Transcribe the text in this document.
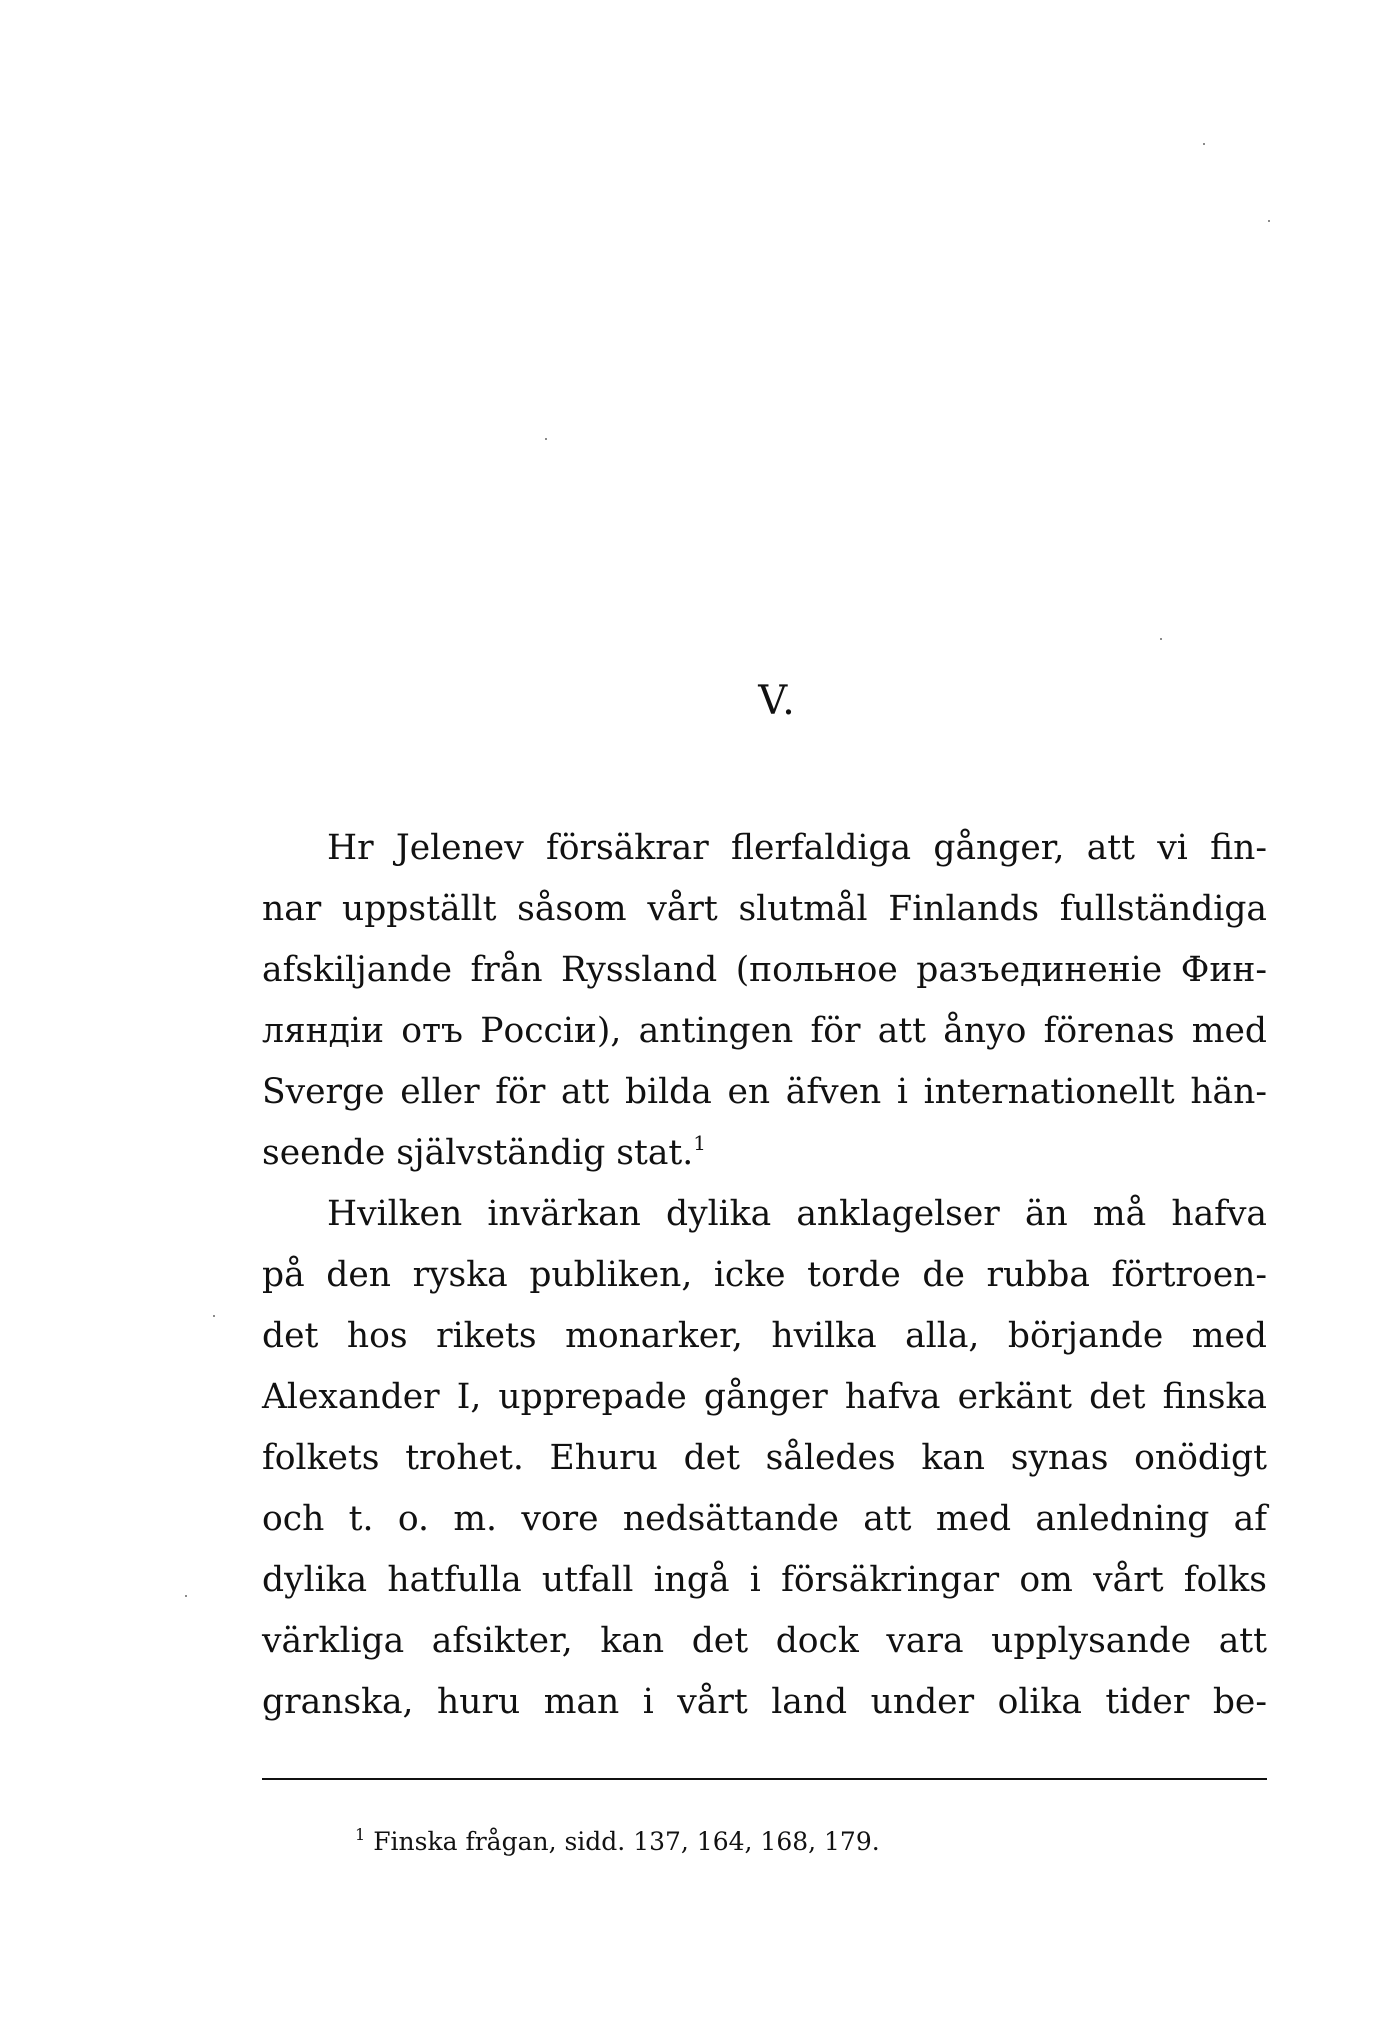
V.
Hr Jelenev försäkrar flerfaldiga gånger, att vi fin-
nar uppställt såsom vårt slutmål Finlands fullständiga
afskiljande från Ryssland (польное разъединенie Фин-
ляндiи отъ Россiи), antingen för att ånyo förenas med
Sverge eller för att bilda en äfven i internationellt hän-
seende självständig stat.$^1$
Hvilken invärkan dylika anklagelser än må hafva
på den ryska publiken, icke torde de rubba förtroen-
det hos rikets monarker, hvilka alla, börjande med
Alexander I, upprepade gånger hafva erkänt det finska
folkets trohet. Ehuru det således kan synas onödigt
och t. o. m. vore nedsättande att med anledning af
dylika hatfulla utfall ingå i försäkringar om vårt folks
värkliga afsikter, kan det dock vara upplysande att
granska, huru man i vårt land under olika tider be-
$^1$ Finska frågan, sidd. 137, 164, 168, 179.
